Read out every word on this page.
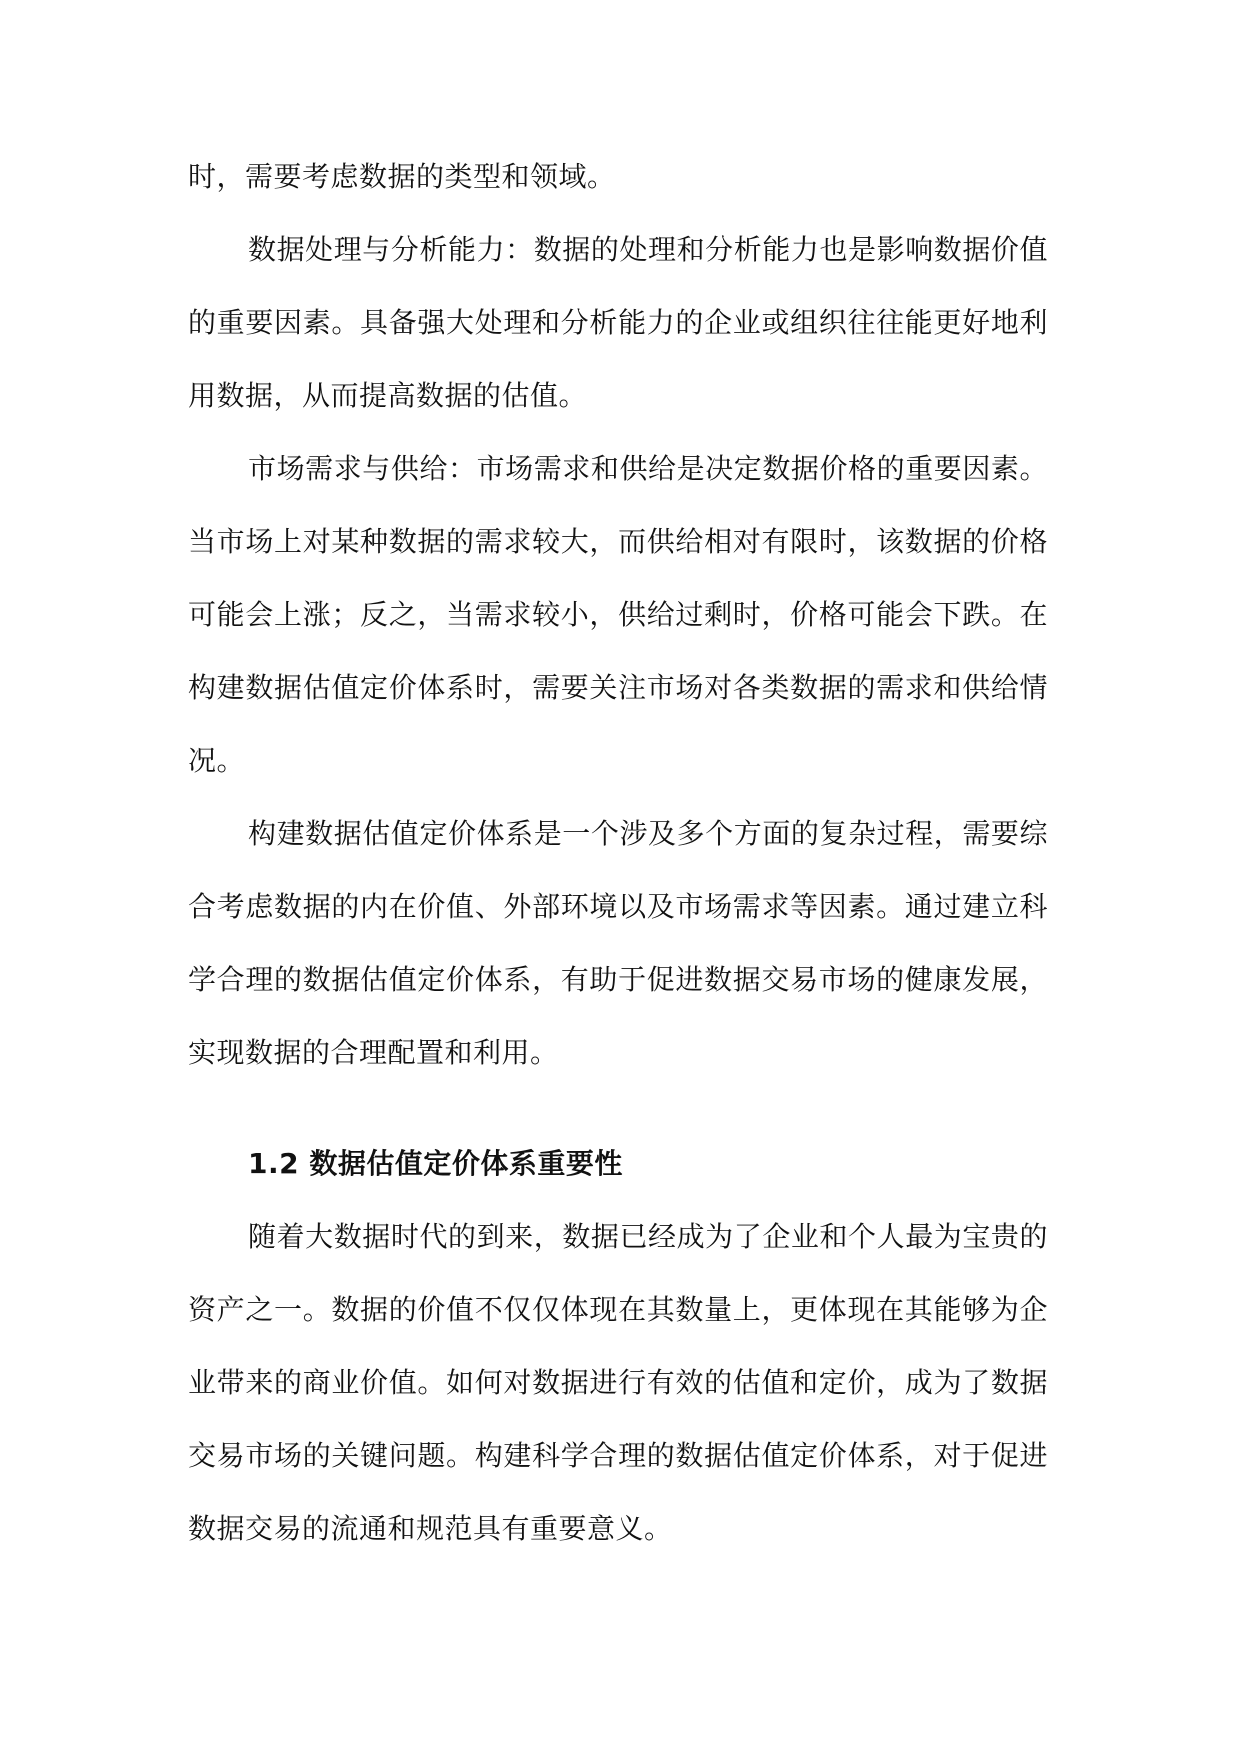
时，需要考虑数据的类型和领域。

数据处理与分析能力：数据的处理和分析能力也是影响数据价值的重要因素。具备强大处理和分析能力的企业或组织往往能更好地利用数据，从而提高数据的估值。

市场需求与供给：市场需求和供给是决定数据价格的重要因素。当市场上对某种数据的需求较大，而供给相对有限时，该数据的价格可能会上涨；反之，当需求较小，供给过剩时，价格可能会下跌。在构建数据估值定价体系时，需要关注市场对各类数据的需求和供给情况。

构建数据估值定价体系是一个涉及多个方面的复杂过程，需要综合考虑数据的内在价值、外部环境以及市场需求等因素。通过建立科学合理的数据估值定价体系，有助于促进数据交易市场的健康发展，实现数据的合理配置和利用。

1.2 数据估值定价体系重要性

随着大数据时代的到来，数据已经成为了企业和个人最为宝贵的资产之一。数据的价值不仅仅体现在其数量上，更体现在其能够为企业带来的商业价值。如何对数据进行有效的估值和定价，成为了数据交易市场的关键问题。构建科学合理的数据估值定价体系，对于促进数据交易的流通和规范具有重要意义。
